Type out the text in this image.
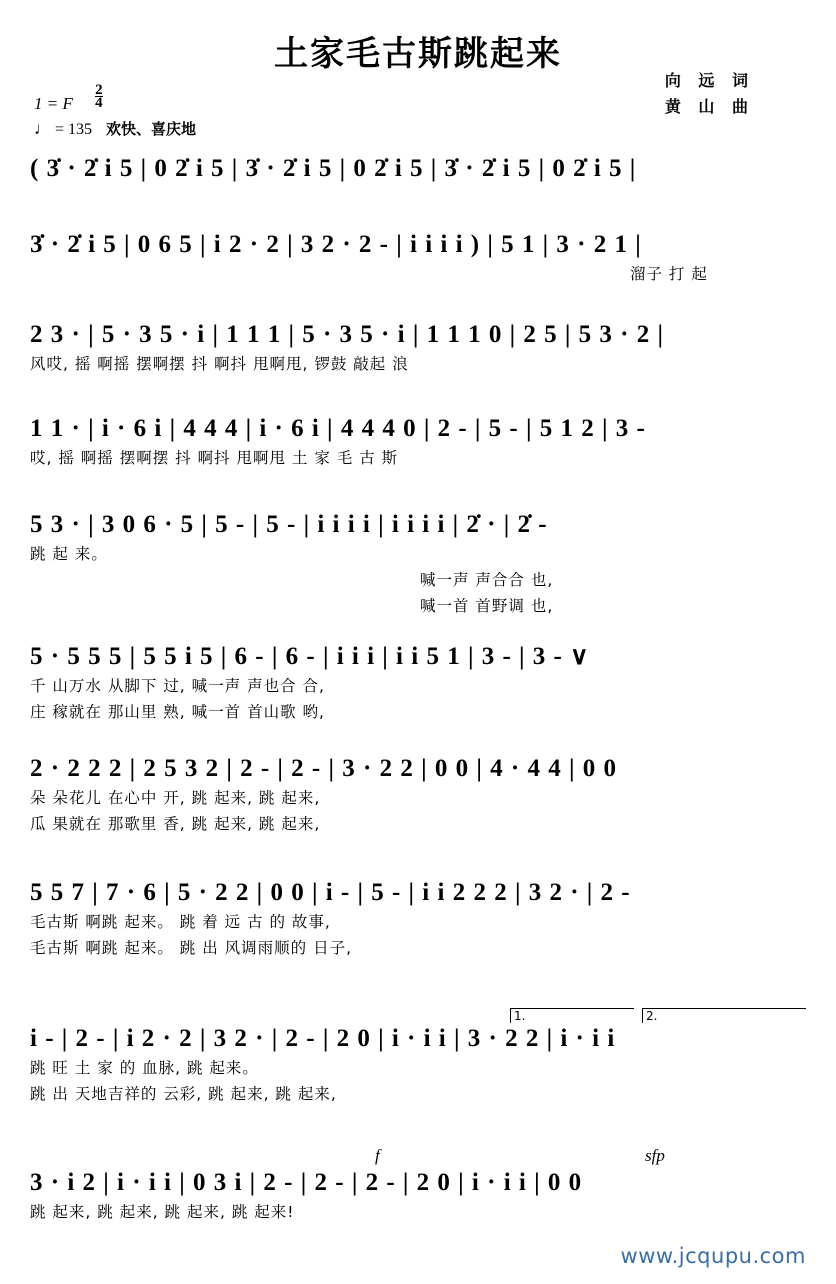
土家毛古斯跳起来
向 远 词
黄 山 曲
1 = F $\frac{2}{4}$
♩ = 135 欢快、喜庆地
( 3̇ · 2̇ i 5 | 0 2̇ i 5 | 3̇ · 2̇ i 5 | 0 2̇ i 5 | 3̇ · 2̇ i 5 | 0 2̇ i 5 |
3̇ · 2̇ i 5 | 0 6 5 | i 2 · 2 | 3 2 · 2 - | i i i i ) | 5 1 | 3 · 2 1 |
溜子 打 起
2 3 · | 5 · 3 5 · i | 1 1 1 | 5 · 3 5 · i | 1 1 1 0 | 2 5 | 5 3 · 2 |
风哎, 摇 啊摇 摆啊摆 抖 啊抖 甩啊甩, 锣鼓 敲起 浪
1 1 · | i · 6 i | 4 4 4 | i · 6 i | 4 4 4 0 | 2 - | 5 - | 5 1 2 | 3 -
哎, 摇 啊摇 摆啊摆 抖 啊抖 甩啊甩 土 家 毛 古 斯
5 3 · | 3 0 6 · 5 | 5 - | 5 - | i i i i | i i i i | 2̇ · | 2̇ -
跳 起 来。
喊一声 声合合 也,
喊一首 首野调 也,
5 · 5 5 5 | 5 5 i 5 | 6 - | 6 - | i i i | i i 5 1 | 3 - | 3 - ∨
千 山万水 从脚下 过, 喊一声 声也合 合,
庄 稼就在 那山里 熟, 喊一首 首山歌 哟,
2 · 2 2 2 | 2 5 3 2 | 2 - | 2 - | 3 · 2 2 | 0 0 | 4 · 4 4 | 0 0
朵 朵花儿 在心中 开, 跳 起来, 跳 起来,
瓜 果就在 那歌里 香, 跳 起来, 跳 起来,
5 5 7 | 7 · 6 | 5 · 2 2 | 0 0 | i - | 5 - | i i 2 2 2 | 3 2 · | 2 -
毛古斯 啊跳 起来。 跳 着 远 古 的 故事,
毛古斯 啊跳 起来。 跳 出 风调雨顺的 日子,
1.	2.
i - | 2 - | i 2 · 2 | 3 2 · | 2 - | 2 0 | i · i i | 3 · 2 2 | i · i i
跳 旺 土 家 的 血脉, 跳 起来。
跳 出 天地吉祥的 云彩, 跳 起来, 跳 起来,
f	sfp
3 · i 2 | i · i i | 0 3 i | 2 - | 2 - | 2 - | 2 0 | i · i i | 0 0
跳 起来, 跳 起来, 跳 起来, 跳 起来!
www.jcqupu.com
